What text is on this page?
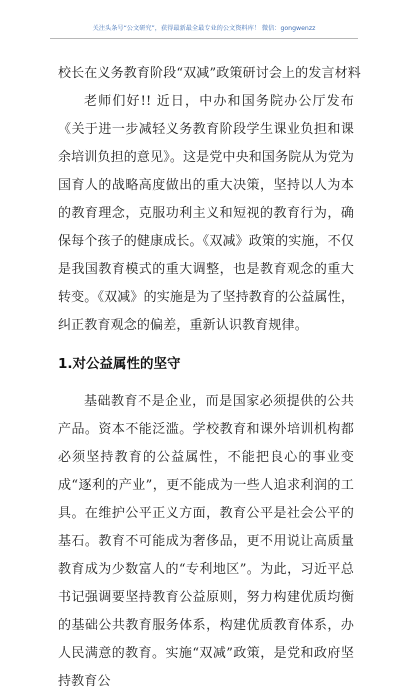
关注头条号“公文研究”，获得最新最全最专业的公文资料库！ 微信：gongwenzz
校长在义务教育阶段“双减”政策研讨会上的发言材料

老师们好!! 近日，中办和国务院办公厅发布《关于进一步减轻义务教育阶段学生课业负担和课余培训负担的意见》。这是党中央和国务院从为党为国育人的战略高度做出的重大决策，坚持以人为本的教育理念，克服功利主义和短视的教育行为，确保每个孩子的健康成长。《双减》政策的实施，不仅是我国教育模式的重大调整，也是教育观念的重大转变。《双减》的实施是为了坚持教育的公益属性，纠正教育观念的偏差，重新认识教育规律。

1.对公益属性的坚守

基础教育不是企业，而是国家必须提供的公共产品。资本不能泛滥。学校教育和课外培训机构都必须坚持教育的公益属性，不能把良心的事业变成“逐利的产业”，更不能成为一些人追求利润的工具。在维护公平正义方面，教育公平是社会公平的基石。教育不可能成为奢侈品，更不用说让高质量教育成为少数富人的“专利地区”。为此，习近平总书记强调要坚持教育公益原则，努力构建优质均衡的基础公共教育服务体系，构建优质教育体系，办人民满意的教育。实施“双减”政策，是党和政府坚持教育公
